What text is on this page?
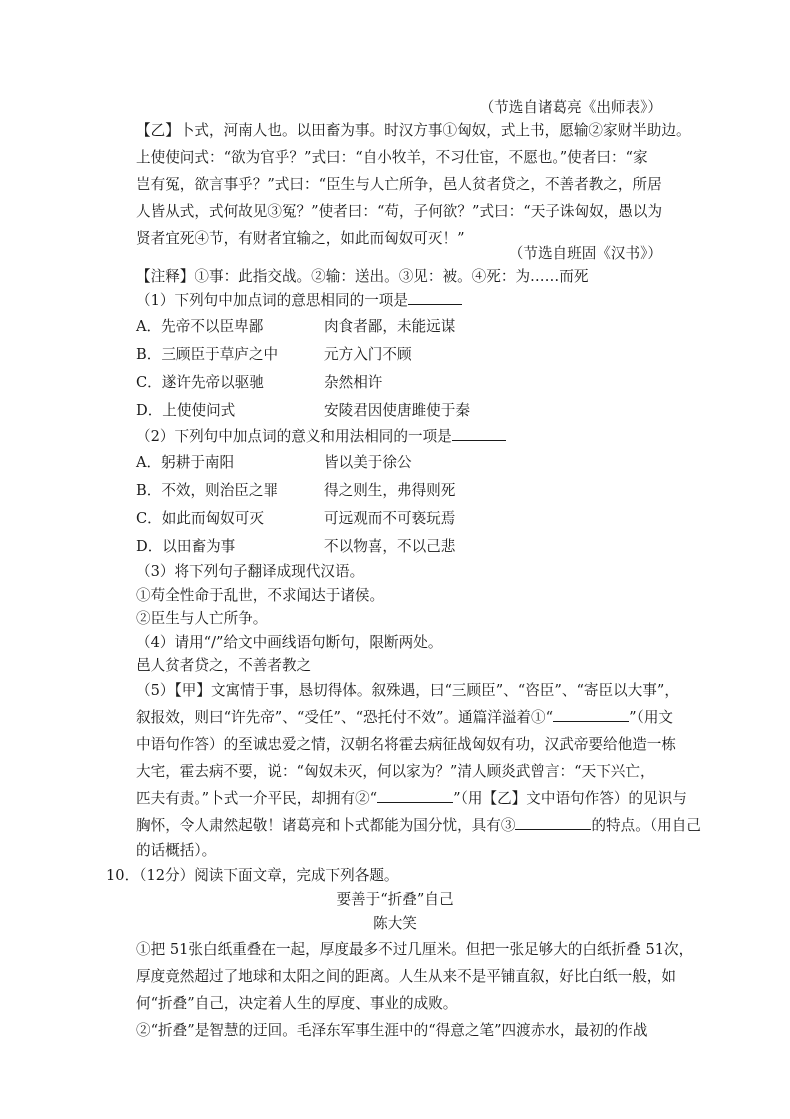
（节选自诸葛亮《出师表》）
【乙】卜式，河南人也。以田畜为事。时汉方事①匈奴，式上书，愿输②家财半助边。
上使使问式：“欲为官乎？”式曰：“自小牧羊，不习仕宦，不愿也。”使者曰：“家
岂有冤，欲言事乎？”式曰：“臣生与人亡所争，邑人贫者贷之，不善者教之，所居
人皆从式，式何故见③冤？”使者曰：“苟，子何欲？”式曰：“天子诛匈奴，愚以为
贤者宜死④节，有财者宜输之，如此而匈奴可灭！”
（节选自班固《汉书》）
【注释】①事：此指交战。②输：送出。③见：被。④死：为……而死
（1）下列句中加点词的意思相同的一项是
A．先帝不以臣卑鄙	肉食者鄙，未能远谋
B．三顾臣于草庐之中	元方入门不顾
C．遂许先帝以驱驰	杂然相许
D．上使使问式	安陵君因使唐雎使于秦
（2）下列句中加点词的意义和用法相同的一项是
A．躬耕于南阳	皆以美于徐公
B．不效，则治臣之罪	得之则生，弗得则死
C．如此而匈奴可灭	可远观而不可亵玩焉
D．以田畜为事	不以物喜，不以己悲
（3）将下列句子翻译成现代汉语。
①苟全性命于乱世，不求闻达于诸侯。
②臣生与人亡所争。
（4）请用“/”给文中画线语句断句，限断两处。
邑人贫者贷之，不善者教之
（5）【甲】文寓情于事，恳切得体。叙殊遇，曰“三顾臣”、“咨臣”、“寄臣以大事”，
叙报效，则曰“许先帝”、“受任”、“恐托付不效”。通篇洋溢着①“	”（用文
中语句作答）的至诚忠爱之情，汉朝名将霍去病征战匈奴有功，汉武帝要给他造一栋
大宅，霍去病不要，说：“匈奴未灭，何以家为？”清人顾炎武曾言：“天下兴亡，
匹夫有责。”卜式一介平民，却拥有②“	”（用【乙】文中语句作答）的见识与
胸怀，令人肃然起敬！诸葛亮和卜式都能为国分忧，具有③	的特点。（用自己
的话概括）。
10．（12分）阅读下面文章，完成下列各题。
要善于“折叠”自己
陈大笑
①把 51张白纸重叠在一起，厚度最多不过几厘米。但把一张足够大的白纸折叠 51次，
厚度竟然超过了地球和太阳之间的距离。人生从来不是平铺直叙，好比白纸一般，如
何“折叠”自己，决定着人生的厚度、事业的成败。
②“折叠”是智慧的迂回。毛泽东军事生涯中的“得意之笔”四渡赤水，最初的作战
